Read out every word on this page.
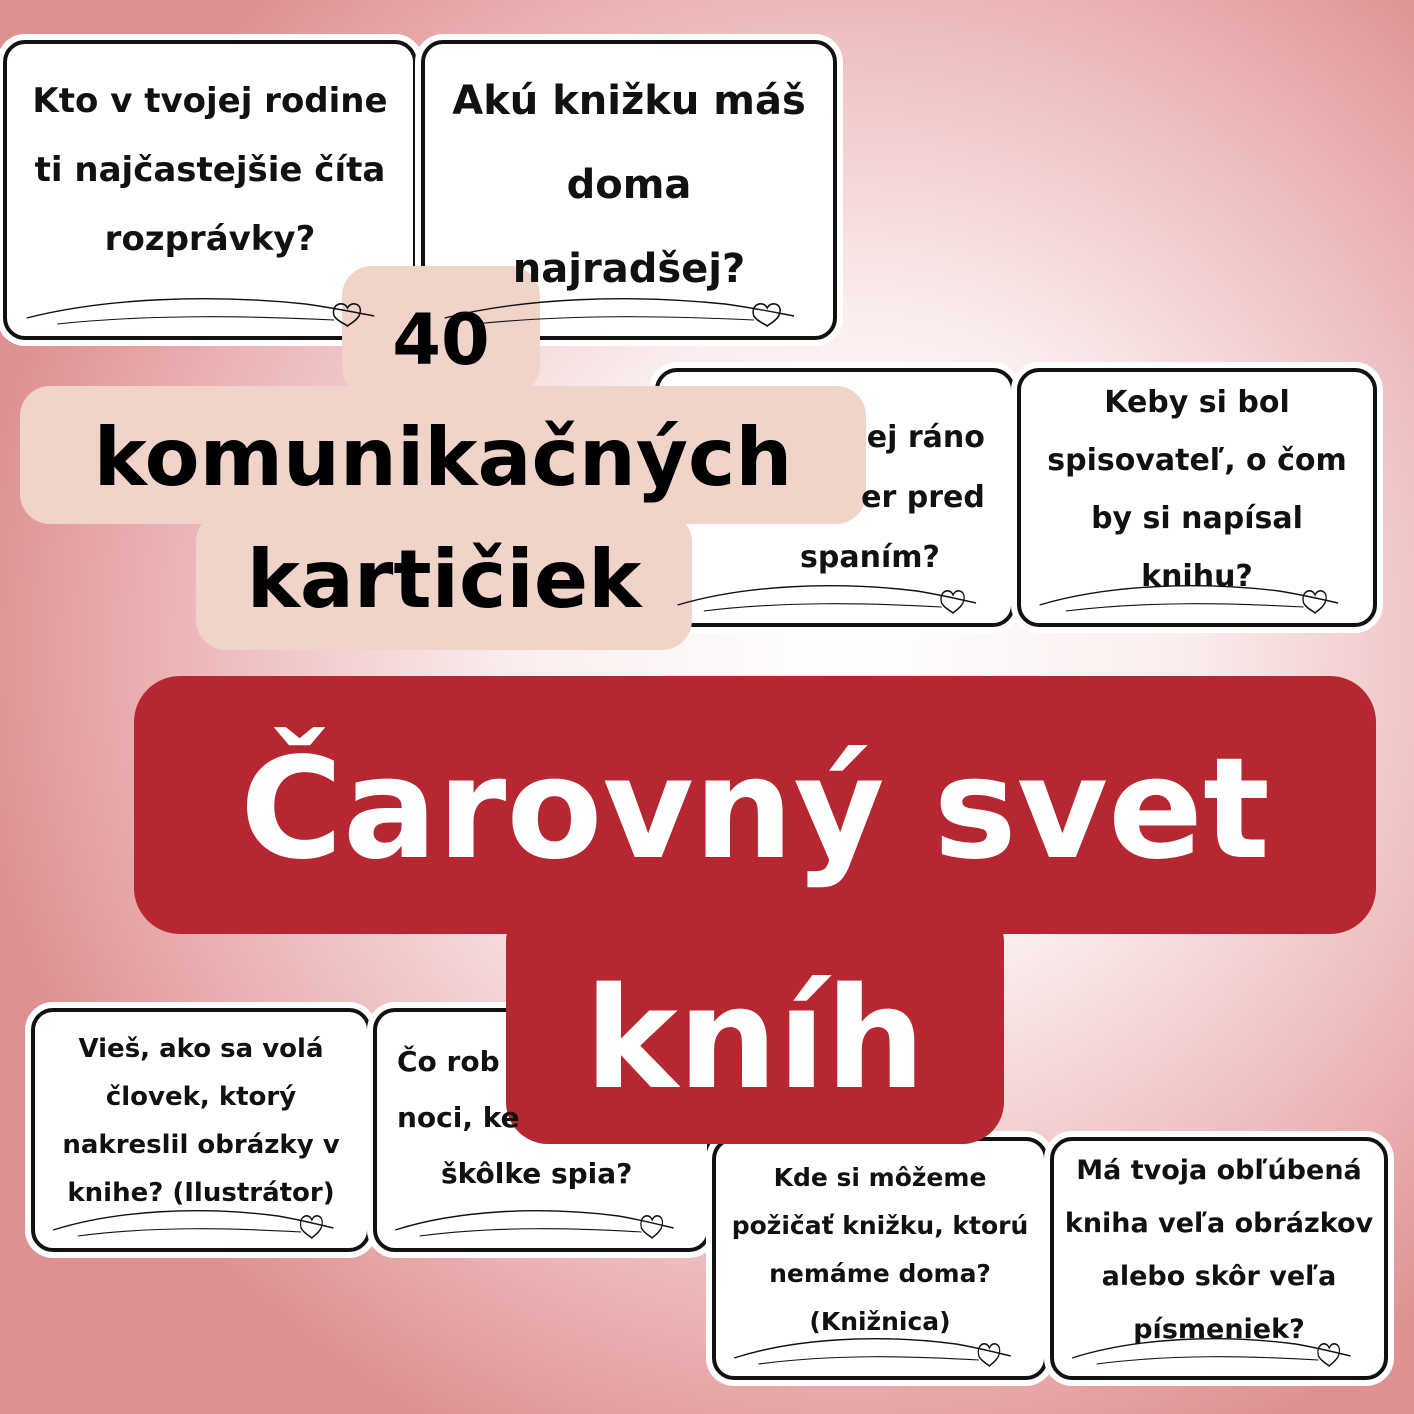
Kto v tvojej rodine
ti najčastejšie číta
rozprávky?
Akú knižku máš
doma
najradšej?
ej ráno
er pred
spaním?
Keby si bol
spisovateľ, o čom
by si napísal
knihu?
Vieš, ako sa volá
človek, ktorý
nakreslil obrázky v
knihe? (Ilustrátor)
Čo rob
noci, ke
škôlke spia?	Kde si môžeme
požičať knižku, ktorú
nemáme doma?
(Knižnica)
Má tvoja obľúbená
kniha veľa obrázkov
alebo skôr veľa
písmeniek?
40
komunikačných
kartičiek
Čarovný svet
kníh
